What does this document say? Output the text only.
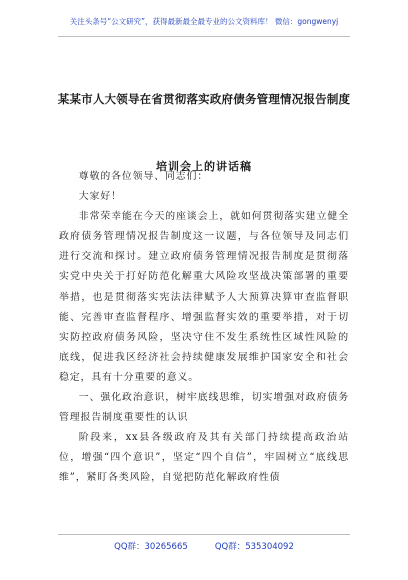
关注头条号“公文研究”，获得最新最全最专业的公文资料库！ 微信：gongwenyj
某某市人大领导在省贯彻落实政府债务管理情况报告制度
培训会上的讲话稿

尊敬的各位领导、同志们：

大家好！

非常荣幸能在今天的座谈会上，就如何贯彻落实建立健全政府债务管理情况报告制度这一议题，与各位领导及同志们进行交流和探讨。建立政府债务管理情况报告制度是贯彻落实党中央关于打好防范化解重大风险攻坚战决策部署的重要举措，也是贯彻落实宪法法律赋予人大预算决算审查监督职能、完善审查监督程序、增强监督实效的重要举措，对于切实防控政府债务风险，坚决守住不发生系统性区域性风险的底线，促进我区经济社会持续健康发展维护国家安全和社会稳定，具有十分重要的意义。

一、强化政治意识，树牢底线思维，切实增强对政府债务管理报告制度重要性的认识

阶段来，xx县各级政府及其有关部门持续提高政治站位，增强“四个意识”，坚定“四个自信”，牢固树立“底线思维”，紧盯各类风险，自觉把防范化解政府性债

QQ群：30265665	QQ群：535304092
